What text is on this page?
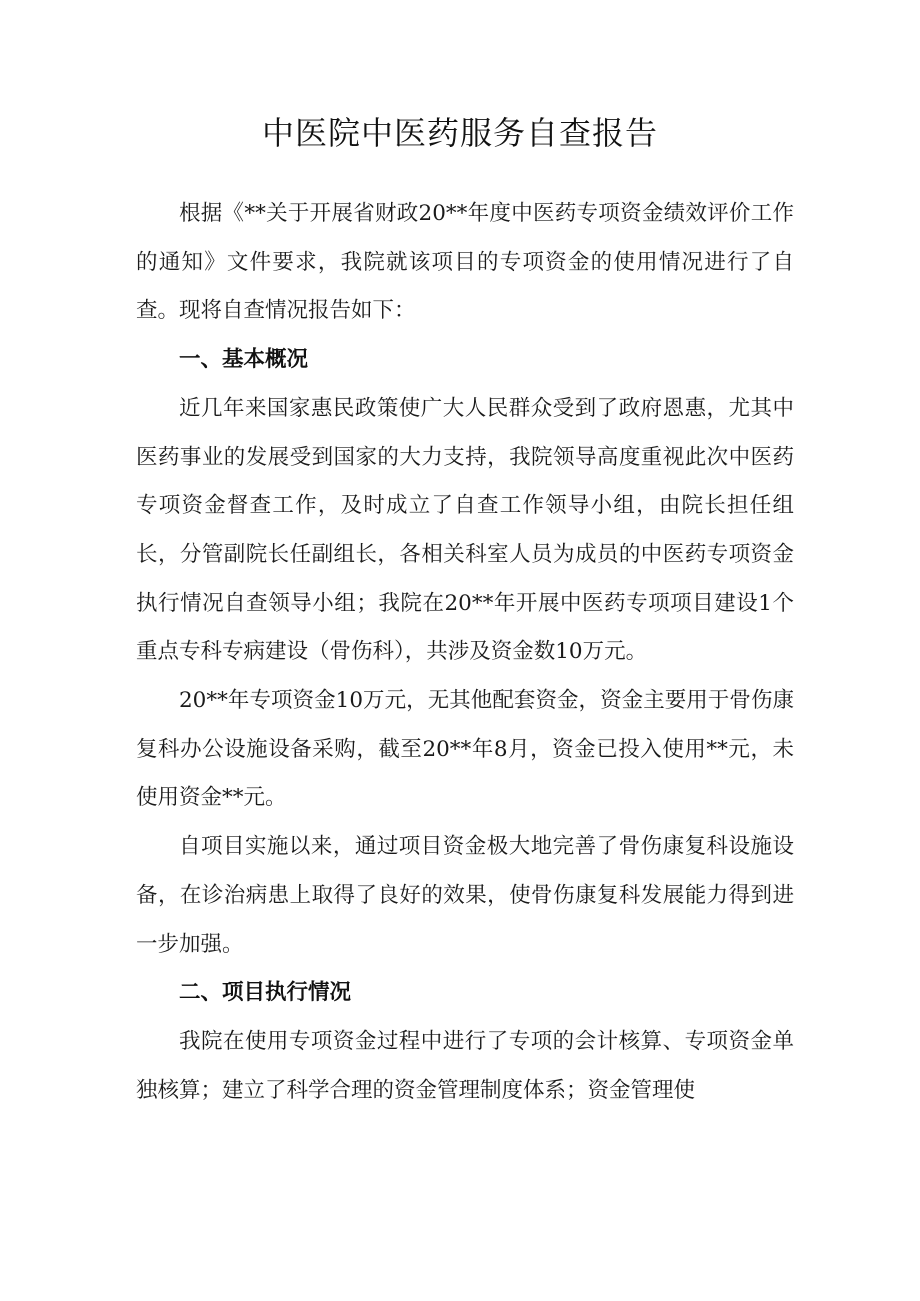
中医院中医药服务自查报告

根据《**关于开展省财政20**年度中医药专项资金绩效评价工作的通知》文件要求，我院就该项目的专项资金的使用情况进行了自查。现将自查情况报告如下：

一、基本概况

近几年来国家惠民政策使广大人民群众受到了政府恩惠，尤其中医药事业的发展受到国家的大力支持，我院领导高度重视此次中医药专项资金督查工作，及时成立了自查工作领导小组，由院长担任组长，分管副院长任副组长，各相关科室人员为成员的中医药专项资金执行情况自查领导小组；我院在20**年开展中医药专项项目建设1个重点专科专病建设（骨伤科），共涉及资金数10万元。

20**年专项资金10万元，无其他配套资金，资金主要用于骨伤康复科办公设施设备采购，截至20**年8月，资金已投入使用**元，未使用资金**元。

自项目实施以来，通过项目资金极大地完善了骨伤康复科设施设备，在诊治病患上取得了良好的效果，使骨伤康复科发展能力得到进一步加强。

二、项目执行情况

我院在使用专项资金过程中进行了专项的会计核算、专项资金单独核算；建立了科学合理的资金管理制度体系；资金管理使
